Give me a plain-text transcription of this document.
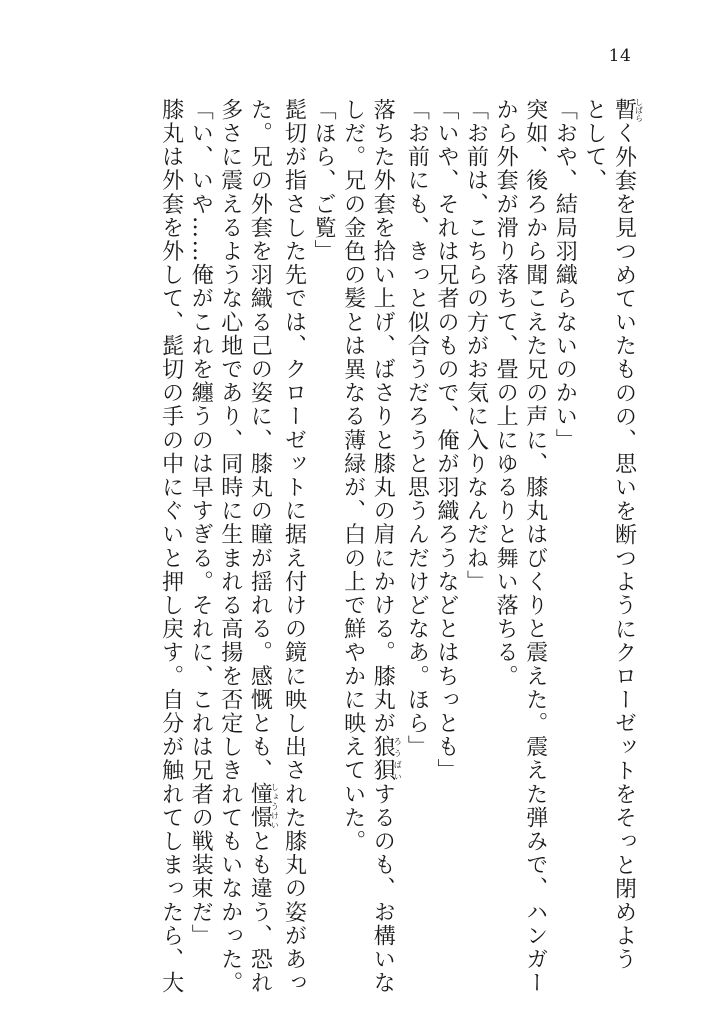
14

暫しばらく外套を見つめていたものの、思いを断つようにクローゼットをそっと閉めよう

として、

「おや、結局羽織らないのかい」

突如、後ろから聞こえた兄の声に、膝丸はびくりと震えた。震えた弾みで、ハンガー

から外套が滑り落ちて、畳の上にゆるりと舞い落ちる。

「お前は、こちらの方がお気に入りなんだね」

「いや、それは兄者のもので、俺が羽織ろうなどとはちっとも」

「お前にも、きっと似合うだろうと思うんだけどなあ。ほら」

落ちた外套を拾い上げ、ばさりと膝丸の肩にかける。膝丸が狼狽ろうばいするのも、お構いな

しだ。兄の金色の髪とは異なる薄緑が、白の上で鮮やかに映えていた。

「ほら、ご覧」

髭切が指さした先では、クローゼットに据え付けの鏡に映し出された膝丸の姿があっ

た。兄の外套を羽織る己の姿に、膝丸の瞳が揺れる。感慨とも、憧憬しょうけいとも違う、恐れ

多さに震えるような心地であり、同時に生まれる高揚を否定しきれてもいなかった。

「い、いや……俺がこれを纏うのは早すぎる。それに、これは兄者の戦装束だ」

膝丸は外套を外して、髭切の手の中にぐいと押し戻す。自分が触れてしまったら、大
